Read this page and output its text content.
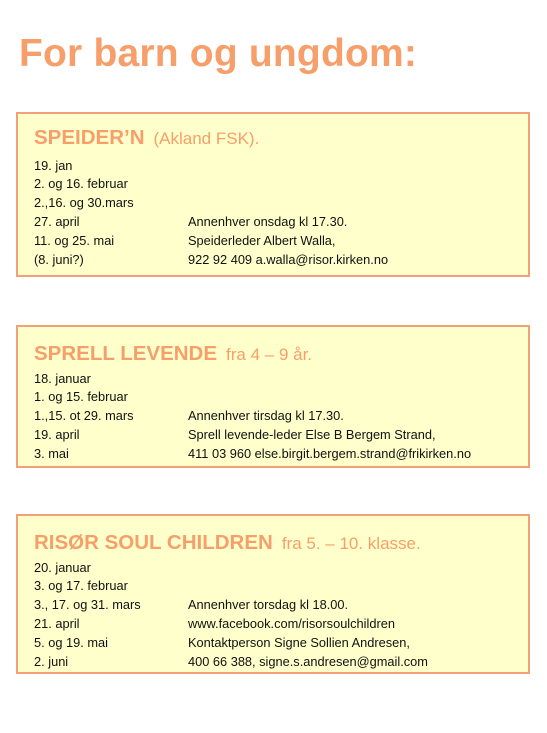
For barn og ungdom:
SPEIDER’N (Akland FSK).
19. jan
2. og 16. februar
2.,16. og 30.mars
27. april
11. og 25. mai
(8. juni?)
Annenhver onsdag kl 17.30.
Speiderleder Albert Walla,
922 92 409 a.walla@risor.kirken.no
SPRELL LEVENDE fra 4 – 9 år.
18. januar
1. og 15. februar
1.,15. ot 29. mars
19. april
3. mai
Annenhver tirsdag kl 17.30.
Sprell levende-leder Else B Bergem Strand,
411 03 960 else.birgit.bergem.strand@frikirken.no
RISØR SOUL CHILDREN fra 5. – 10. klasse.
20. januar
3. og 17. februar
3., 17. og 31. mars
21. april
5. og 19. mai
2. juni
Annenhver torsdag kl 18.00.
www.facebook.com/risorsoulchildren
Kontaktperson Signe Sollien Andresen,
400 66 388, signe.s.andresen@gmail.com
